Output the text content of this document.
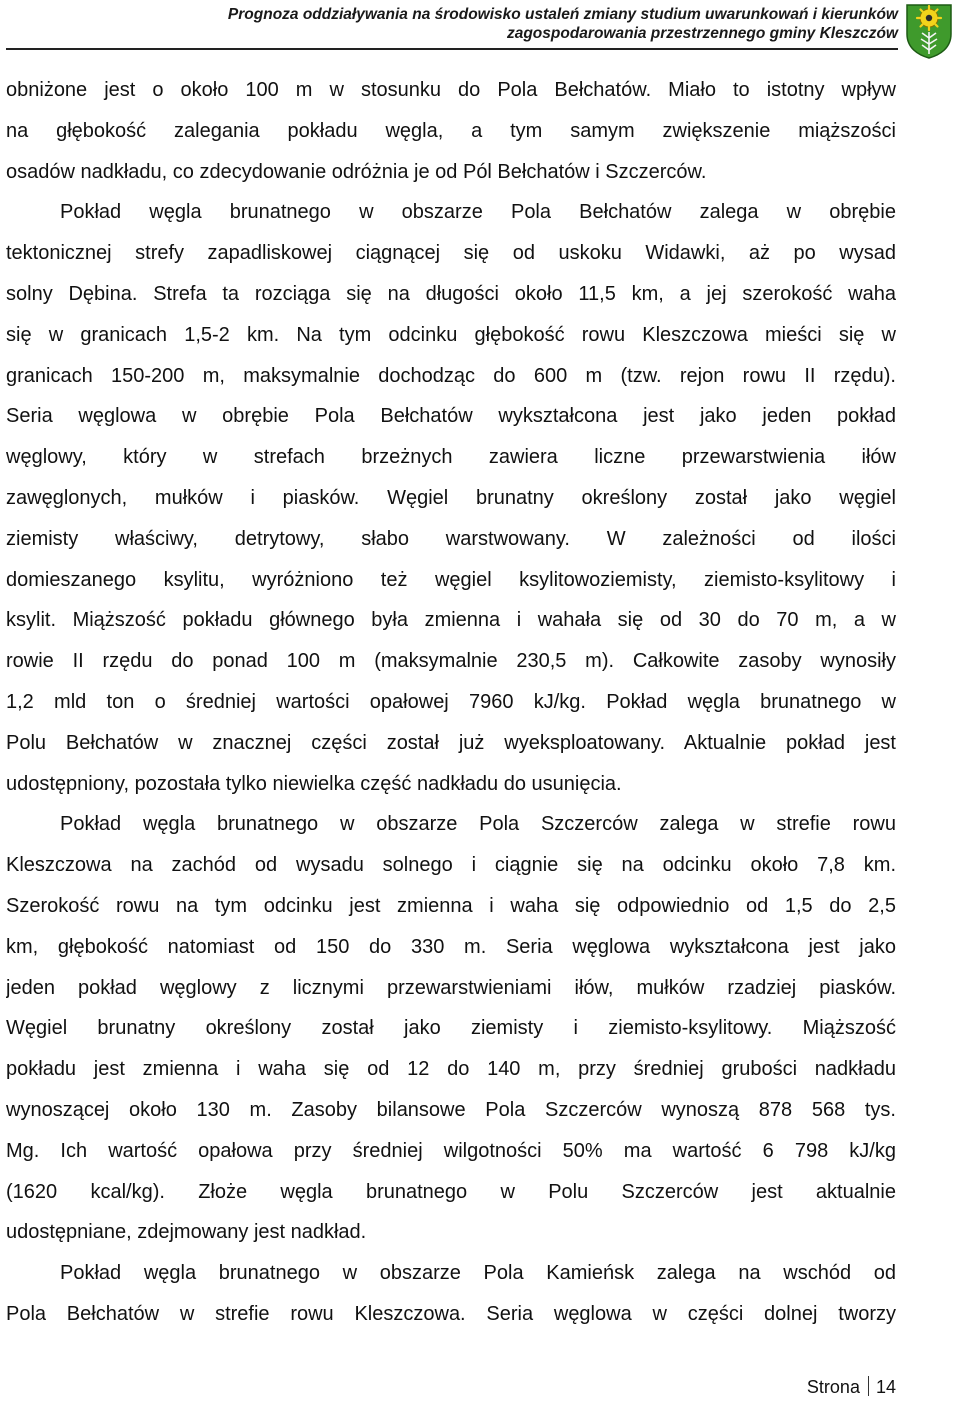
Prognoza oddziaływania na środowisko ustaleń zmiany studium uwarunkowań i kierunków
zagospodarowania przestrzennego gminy Kleszczów
obniżone jest o około 100 m w stosunku do Pola Bełchatów. Miało to istotny wpływ
na głębokość zalegania pokładu węgla, a tym samym zwiększenie miąższości
osadów nadkładu, co zdecydowanie odróżnia je od Pól Bełchatów i Szczerców.
Pokład węgla brunatnego w obszarze Pola Bełchatów zalega w obrębie
tektonicznej strefy zapadliskowej ciągnącej się od uskoku Widawki, aż po wysad
solny Dębina. Strefa ta rozciąga się na długości około 11,5 km, a jej szerokość waha
się w granicach 1,5-2 km. Na tym odcinku głębokość rowu Kleszczowa mieści się w
granicach 150-200 m, maksymalnie dochodząc do 600 m (tzw. rejon rowu II rzędu).
Seria węglowa w obrębie Pola Bełchatów wykształcona jest jako jeden pokład
węglowy, który w strefach brzeżnych zawiera liczne przewarstwienia iłów
zawęglonych, mułków i piasków. Węgiel brunatny określony został jako węgiel
ziemisty właściwy, detrytowy, słabo warstwowany. W zależności od ilości
domieszanego ksylitu, wyróżniono też węgiel ksylitowoziemisty, ziemisto-ksylitowy i
ksylit. Miąższość pokładu głównego była zmienna i wahała się od 30 do 70 m, a w
rowie II rzędu do ponad 100 m (maksymalnie 230,5 m). Całkowite zasoby wynosiły
1,2 mld ton o średniej wartości opałowej 7960 kJ/kg. Pokład węgla brunatnego w
Polu Bełchatów w znacznej części został już wyeksploatowany. Aktualnie pokład jest
udostępniony, pozostała tylko niewielka część nadkładu do usunięcia.
Pokład węgla brunatnego w obszarze Pola Szczerców zalega w strefie rowu
Kleszczowa na zachód od wysadu solnego i ciągnie się na odcinku około 7,8 km.
Szerokość rowu na tym odcinku jest zmienna i waha się odpowiednio od 1,5 do 2,5
km, głębokość natomiast od 150 do 330 m. Seria węglowa wykształcona jest jako
jeden pokład węglowy z licznymi przewarstwieniami iłów, mułków rzadziej piasków.
Węgiel brunatny określony został jako ziemisty i ziemisto-ksylitowy. Miąższość
pokładu jest zmienna i waha się od 12 do 140 m, przy średniej grubości nadkładu
wynoszącej około 130 m. Zasoby bilansowe Pola Szczerców wynoszą 878 568 tys.
Mg. Ich wartość opałowa przy średniej wilgotności 50% ma wartość 6 798 kJ/kg
(1620 kcal/kg). Złoże węgla brunatnego w Polu Szczerców jest aktualnie
udostępniane, zdejmowany jest nadkład.
Pokład węgla brunatnego w obszarze Pola Kamieńsk zalega na wschód od
Pola Bełchatów w strefie rowu Kleszczowa. Seria węglowa w części dolnej tworzy
Strona 14
